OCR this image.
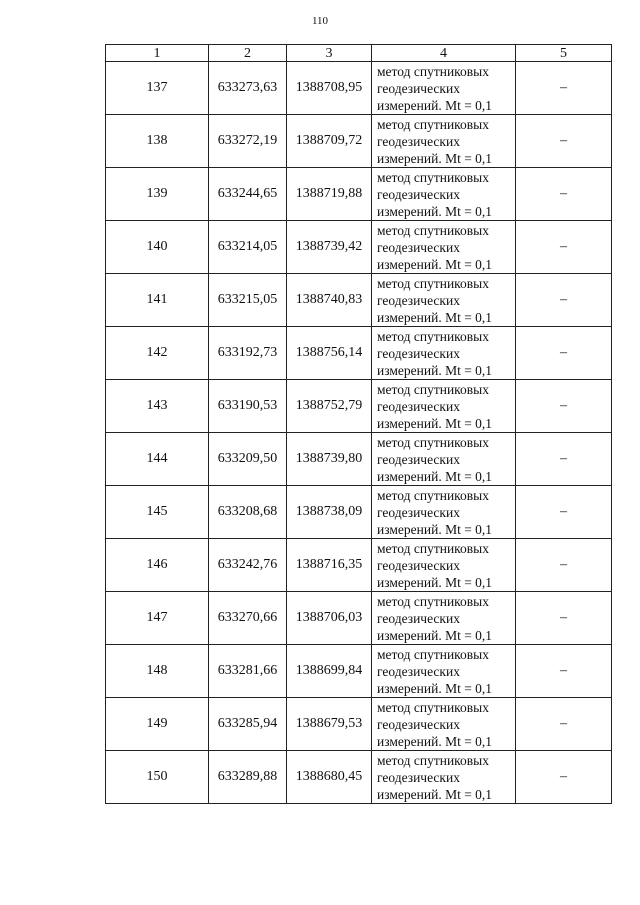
110
1	2	3	4	5
137	633273,63	1388708,95	метод спутниковых
геодезических
измерений. Mt = 0,1	–
138	633272,19	1388709,72	метод спутниковых
геодезических
измерений. Mt = 0,1	–
139	633244,65	1388719,88	метод спутниковых
геодезических
измерений. Mt = 0,1	–
140	633214,05	1388739,42	метод спутниковых
геодезических
измерений. Mt = 0,1	–
141	633215,05	1388740,83	метод спутниковых
геодезических
измерений. Mt = 0,1	–
142	633192,73	1388756,14	метод спутниковых
геодезических
измерений. Mt = 0,1	–
143	633190,53	1388752,79	метод спутниковых
геодезических
измерений. Mt = 0,1	–
144	633209,50	1388739,80	метод спутниковых
геодезических
измерений. Mt = 0,1	–
145	633208,68	1388738,09	метод спутниковых
геодезических
измерений. Mt = 0,1	–
146	633242,76	1388716,35	метод спутниковых
геодезических
измерений. Mt = 0,1	–
147	633270,66	1388706,03	метод спутниковых
геодезических
измерений. Mt = 0,1	–
148	633281,66	1388699,84	метод спутниковых
геодезических
измерений. Mt = 0,1	–
149	633285,94	1388679,53	метод спутниковых
геодезических
измерений. Mt = 0,1	–
150	633289,88	1388680,45	метод спутниковых
геодезических
измерений. Mt = 0,1	–
